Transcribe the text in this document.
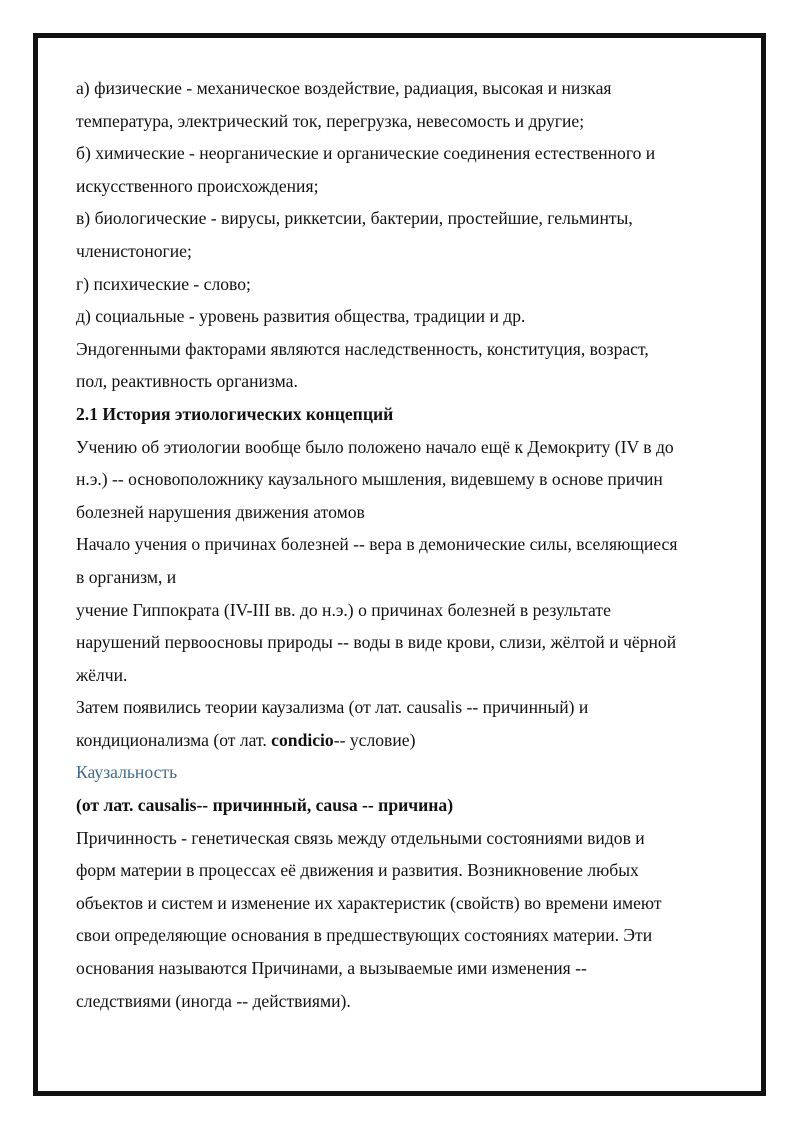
а) физические - механическое воздействие, радиация, высокая и низкая

температура, электрический ток, перегрузка, невесомость и другие;

б) химические - неорганические и органические соединения естественного и

искусственного происхождения;

в) биологические - вирусы, риккетсии, бактерии, простейшие, гельминты,

членистоногие;

г) психические - слово;

д) социальные - уровень развития общества, традиции и др.

Эндогенными факторами являются наследственность, конституция, возраст,

пол, реактивность организма.

2.1 История этиологических концепций

Учению об этиологии вообще было положено начало ещё к Демокриту (IV в до

н.э.) -- основоположнику каузального мышления, видевшему в основе причин

болезней нарушения движения атомов

Начало учения о причинах болезней -- вера в демонические силы, вселяющиеся

в организм, и

учение Гиппократа (IV-III вв. до н.э.) о причинах болезней в результате

нарушений первоосновы природы -- воды в виде крови, слизи, жёлтой и чёрной

жёлчи.

Затем появились теории каузализма (от лат. causalis -- причинный) и

кондиционализма (от лат. condicio-- условие)

Каузальность

(от лат. causalis-- причинный, causa -- причина)

Причинность - генетическая связь между отдельными состояниями видов и

форм материи в процессах её движения и развития. Возникновение любых

объектов и систем и изменение их характеристик (свойств) во времени имеют

свои определяющие основания в предшествующих состояниях материи. Эти

основания называются Причинами, а вызываемые ими изменения --

следствиями (иногда -- действиями).
